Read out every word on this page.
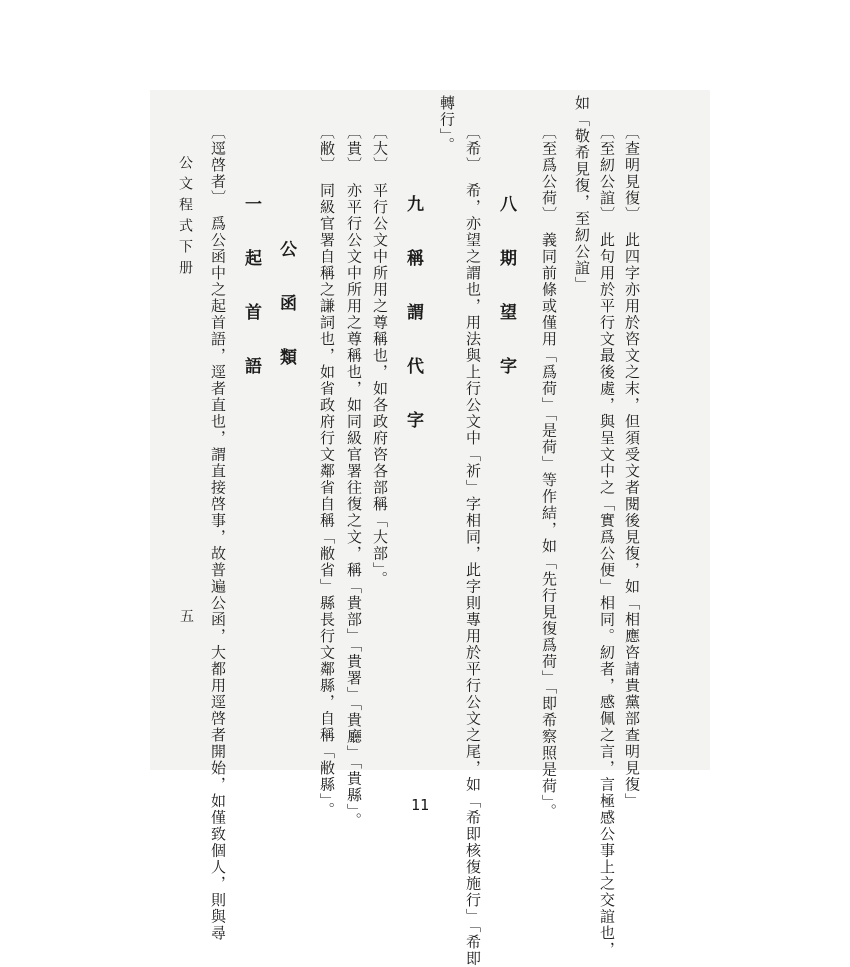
〔查明見復〕　此四字亦用於咨文之末，但須受文者閱後見復，如「相應咨請貴黨部查明見復」
〔至紉公誼〕　此句用於平行文最後處，與呈文中之「實爲公便」相同。紉者，感佩之言，言極感公事上之交誼也，
如「敬希見復，至紉公誼」
〔至爲公荷〕　義同前條或僅用「爲荷」「是荷」等作結，如「先行見復爲荷」「即希察照是荷」。
八　期　望　字
〔希〕　希，亦望之謂也，用法與上行公文中「祈」字相同，此字則專用於平行公文之尾，如「希即核復施行」「希即
轉行」。
九　稱　謂　代　字
〔大〕　平行公文中所用之尊稱也，如各政府咨各部稱「大部」。
〔貴〕　亦平行公文中所用之尊稱也，如同級官署往復之文，稱「貴部」「貴署」「貴廳」「貴縣」。
〔敝〕　同級官署自稱之謙詞也，如省政府行文鄰省自稱「敝省」縣長行文鄰縣，自稱「敝縣」。
公　函　類
一　起　首　語
〔逕啓者〕　爲公函中之起首語，逕者直也，謂直接啓事，故普遍公函，大都用逕啓者開始，如僅致個人，則與尋
公文程式下册
五
11
